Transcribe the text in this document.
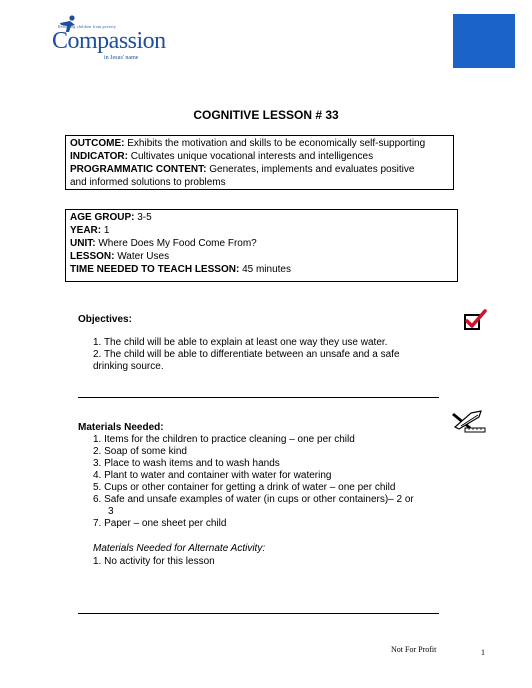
Releasing children from poverty
Compassion
in Jesus' name
COGNITIVE LESSON # 33
OUTCOME: Exhibits the motivation and skills to be economically self-supporting
INDICATOR: Cultivates unique vocational interests and intelligences
PROGRAMMATIC CONTENT: Generates, implements and evaluates positive
and informed solutions to problems
AGE GROUP: 3-5
YEAR: 1
UNIT: Where Does My Food Come From?
LESSON: Water Uses
TIME NEEDED TO TEACH LESSON: 45 minutes
Objectives:
1. The child will be able to explain at least one way they use water.
2. The child will be able to differentiate between an unsafe and a safe
drinking source.
Materials Needed:
1. Items for the children to practice cleaning – one per child
2. Soap of some kind
3. Place to wash items and to wash hands
4. Plant to water and container with water for watering
5. Cups or other container for getting a drink of water – one per child
6. Safe and unsafe examples of water (in cups or other containers)– 2 or
3
7. Paper – one sheet per child
Materials Needed for Alternate Activity:
1. No activity for this lesson
Not For Profit	1
